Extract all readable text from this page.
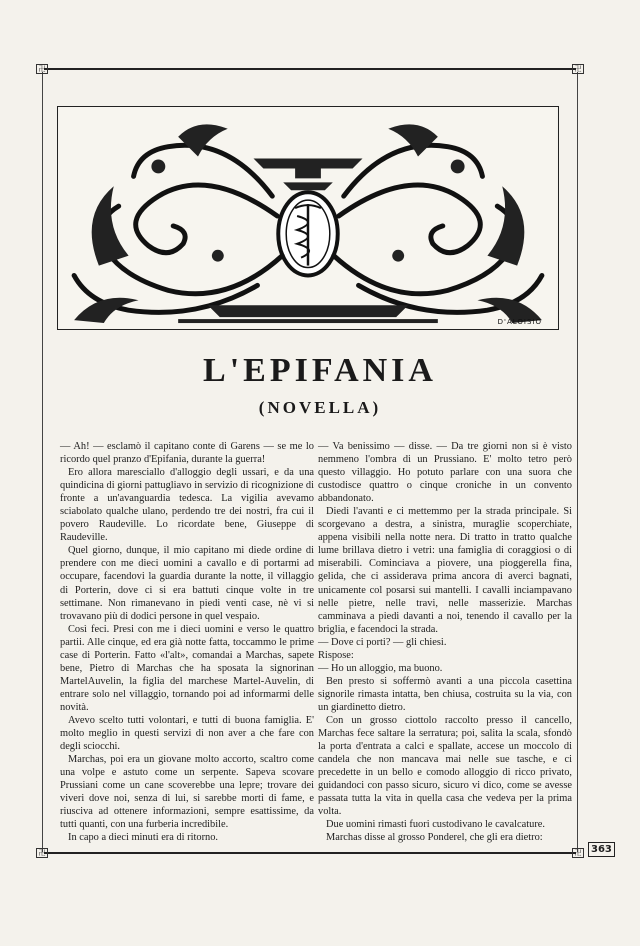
卍	卍
卍	卍
D'ALOISIO
L'EPIFANIA
(NOVELLA)

— Ah! — esclamò il capitano conte di Garens — se me lo ricordo quel pranzo d'Epifania, durante la guerra!

Ero allora maresciallo d'alloggio degli ussari, e da una quindicina di giorni pattugliavo in servizio di ricognizione di fronte a un'avanguardia tedesca. La vigilia avevamo sciabolato qualche ulano, perdendo tre dei nostri, fra cui il povero Raudeville. Lo ricordate bene, Giuseppe di Raudeville.

Quel giorno, dunque, il mio capitano mi diede ordine di prendere con me dieci uomini a cavallo e di portarmi ad occupare, facendovi la guardia durante la notte, il villaggio di Porterin, dove ci si era battuti cinque volte in tre settimane. Non rimanevano in piedi venti case, nè vi si trovavano più di dodici persone in quel vespaio.

Così feci. Presi con me i dieci uomini e verso le quattro partii. Alle cinque, ed era già notte fatta, toccammo le prime case di Porterin. Fatto «l'alt», comandai a Marchas, sapete bene, Pietro di Marchas che ha sposata la signorinan MartelAuvelin, la figlia del marchese Martel-Auvelin, di entrare solo nel villaggio, tornando poi ad informarmi delle novità.

Avevo scelto tutti volontari, e tutti di buona famiglia. E' molto meglio in questi servizi di non aver a che fare con degli sciocchi.

Marchas, poi era un giovane molto accorto, scaltro come una volpe e astuto come un serpente. Sapeva scovare Prussiani come un cane scoverebbe una lepre; trovare dei viveri dove noi, senza di lui, si sarebbe morti di fame, e riusciva ad ottenere informazioni, sempre esattissime, da tutti quanti, con una furberia incredibile.

In capo a dieci minuti era di ritorno.

— Va benissimo — disse. — Da tre giorni non si è visto nemmeno l'ombra di un Prussiano. E' molto tetro però questo villaggio. Ho potuto parlare con una suora che custodisce quattro o cinque croniche in un convento abbandonato.

Diedi l'avanti e ci mettemmo per la strada principale. Si scorgevano a destra, a sinistra, muraglie scoperchiate, appena visibili nella notte nera. Di tratto in tratto qualche lume brillava dietro i vetri: una famiglia di coraggiosi o di miserabili. Cominciava a piovere, una pioggerella fina, gelida, che ci assiderava prima ancora di averci bagnati, unicamente col posarsi sui mantelli. I cavalli inciampavano nelle pietre, nelle travi, nelle masserizie. Marchas camminava a piedi davanti a noi, tenendo il cavallo per la briglia, e facendoci la strada.

— Dove ci porti? — gli chiesi.

Rispose:

— Ho un alloggio, ma buono.

Ben presto si soffermò avanti a una piccola casettina signorile rimasta intatta, ben chiusa, costruita su la via, con un giardinetto dietro.

Con un grosso ciottolo raccolto presso il cancello, Marchas fece saltare la serratura; poi, salita la scala, sfondò la porta d'entrata a calci e spallate, accese un moccolo di candela che non mancava mai nelle sue tasche, e ci precedette in un bello e comodo alloggio di ricco privato, guidandoci con passo sicuro, sicuro vi dico, come se avesse passata tutta la vita in quella casa che vedeva per la prima volta.

Due uomini rimasti fuori custodivano le cavalcature.

Marchas disse al grosso Ponderel, che gli era dietro:

363
